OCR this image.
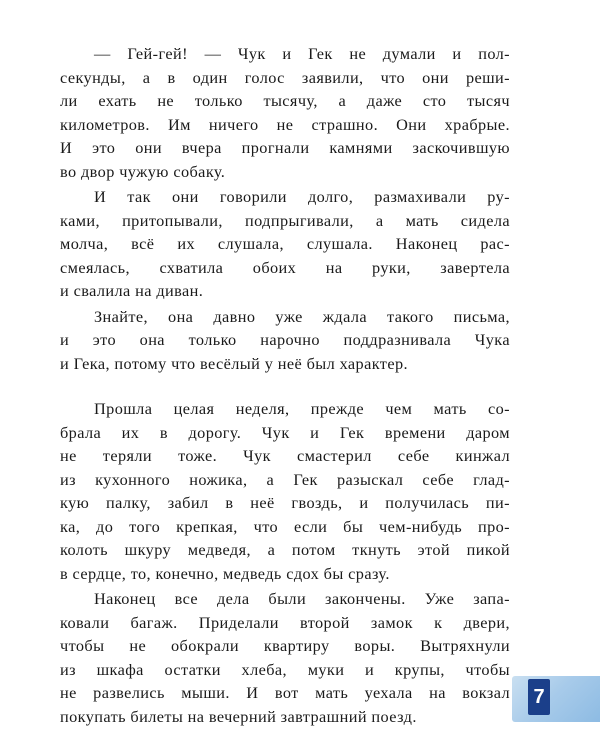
— Гей-гей! — Чук и Гек не думали и пол-
секунды, а в один голос заявили, что они реши-
ли ехать не только тысячу, а даже сто тысяч
километров. Им ничего не страшно. Они храбрые.
И это они вчера прогнали камнями заскочившую
во двор чужую собаку.

И так они говорили долго, размахивали ру-
ками, притопывали, подпрыгивали, а мать сидела
молча, всё их слушала, слушала. Наконец рас-
смеялась, схватила обоих на руки, завертела
и свалила на диван.

Знайте, она давно уже ждала такого письма,
и это она только нарочно поддразнивала Чука
и Гека, потому что весёлый у неё был характер.

Прошла целая неделя, прежде чем мать со-
брала их в дорогу. Чук и Гек времени даром
не теряли тоже. Чук смастерил себе кинжал
из кухонного ножика, а Гек разыскал себе глад-
кую палку, забил в неё гвоздь, и получилась пи-
ка, до того крепкая, что если бы чем-нибудь про-
колоть шкуру медведя, а потом ткнуть этой пикой
в сердце, то, конечно, медведь сдох бы сразу.

Наконец все дела были закончены. Уже запа-
ковали багаж. Приделали второй замок к двери,
чтобы не обокрали квартиру воры. Вытряхнули
из шкафа остатки хлеба, муки и крупы, чтобы
не развелись мыши. И вот мать уехала на вокзал
покупать билеты на вечерний завтрашний поезд.

7
